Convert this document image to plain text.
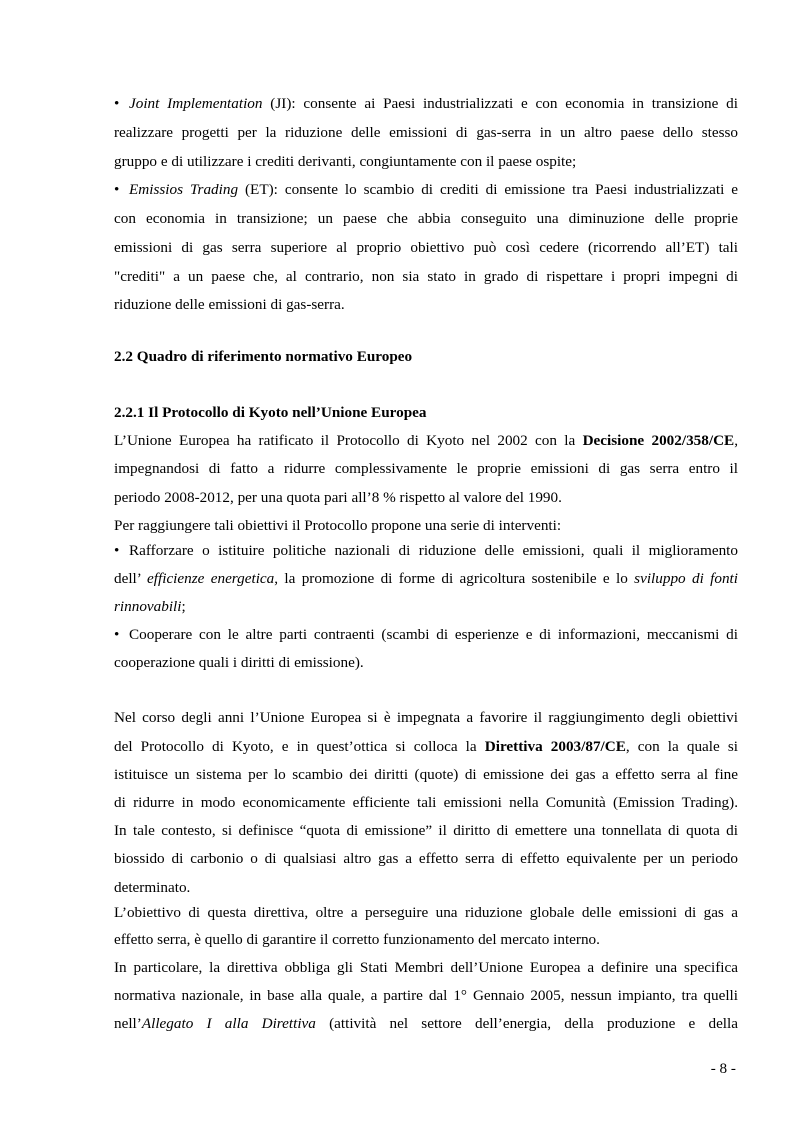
• Joint Implementation (JI): consente ai Paesi industrializzati e con economia in transizione di
realizzare progetti per la riduzione delle emissioni di gas-serra in un altro paese dello stesso
gruppo e di utilizzare i crediti derivanti, congiuntamente con il paese ospite;
• Emissios Trading (ET): consente lo scambio di crediti di emissione tra Paesi industrializzati e
con economia in transizione; un paese che abbia conseguito una diminuzione delle proprie
emissioni di gas serra superiore al proprio obiettivo può così cedere (ricorrendo all’ET) tali
"crediti" a un paese che, al contrario, non sia stato in grado di rispettare i propri impegni di
riduzione delle emissioni di gas-serra.
2.2 Quadro di riferimento normativo Europeo
2.2.1 Il Protocollo di Kyoto nell’Unione Europea
L’Unione Europea ha ratificato il Protocollo di Kyoto nel 2002 con la Decisione 2002/358/CE,
impegnandosi di fatto a ridurre complessivamente le proprie emissioni di gas serra entro il
periodo 2008-2012, per una quota pari all’8 % rispetto al valore del 1990.
Per raggiungere tali obiettivi il Protocollo propone una serie di interventi:
• Rafforzare o istituire politiche nazionali di riduzione delle emissioni, quali il miglioramento
dell’ efficienze energetica, la promozione di forme di agricoltura sostenibile e lo sviluppo di fonti
rinnovabili;
• Cooperare con le altre parti contraenti (scambi di esperienze e di informazioni, meccanismi di
cooperazione quali i diritti di emissione).
Nel corso degli anni l’Unione Europea si è impegnata a favorire il raggiungimento degli obiettivi
del Protocollo di Kyoto, e in quest’ottica si colloca la Direttiva 2003/87/CE, con la quale si
istituisce un sistema per lo scambio dei diritti (quote) di emissione dei gas a effetto serra al fine
di ridurre in modo economicamente efficiente tali emissioni nella Comunità (Emission Trading).
In tale contesto, si definisce “quota di emissione” il diritto di emettere una tonnellata di quota di
biossido di carbonio o di qualsiasi altro gas a effetto serra di effetto equivalente per un periodo
determinato.
L’obiettivo di questa direttiva, oltre a perseguire una riduzione globale delle emissioni di gas a
effetto serra, è quello di garantire il corretto funzionamento del mercato interno.
In particolare, la direttiva obbliga gli Stati Membri dell’Unione Europea a definire una specifica
normativa nazionale, in base alla quale, a partire dal 1° Gennaio 2005, nessun impianto, tra quelli
nell’Allegato I alla Direttiva (attività nel settore dell’energia, della produzione e della
- 8 -
